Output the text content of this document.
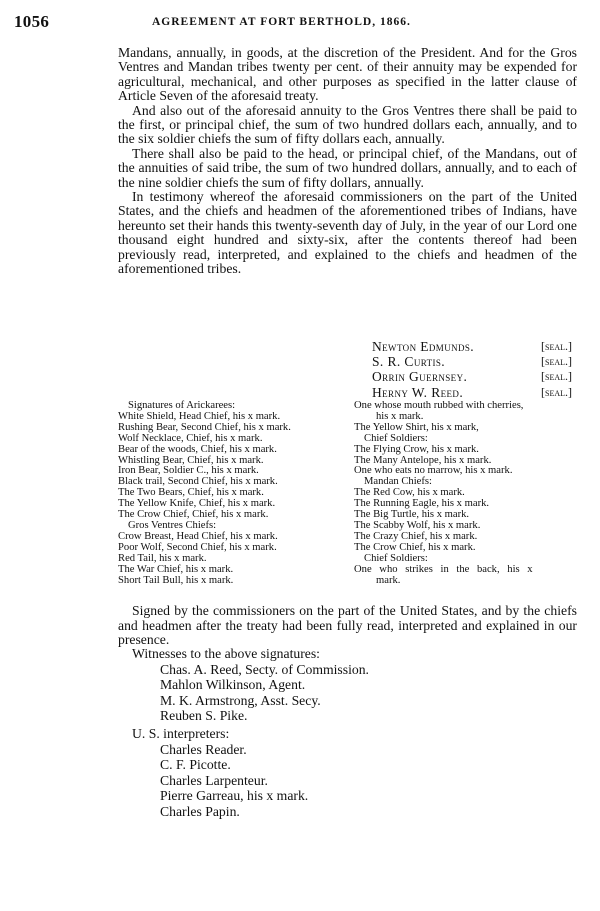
1056	AGREEMENT AT FORT BERTHOLD, 1866.

Mandans, annually, in goods, at the discretion of the President. And for the Gros Ventres and Mandan tribes twenty per cent. of their annuity may be expended for agricultural, mechanical, and other purposes as specified in the latter clause of Article Seven of the aforesaid treaty.

And also out of the aforesaid annuity to the Gros Ventres there shall be paid to the first, or principal chief, the sum of two hundred dollars each, annually, and to the six soldier chiefs the sum of fifty dollars each, annually.

There shall also be paid to the head, or principal chief, of the Mandans, out of the annuities of said tribe, the sum of two hundred dollars, annually, and to each of the nine soldier chiefs the sum of fifty dollars, annually.

In testimony whereof the aforesaid commissioners on the part of the United States, and the chiefs and headmen of the aforementioned tribes of Indians, have hereunto set their hands this twenty-seventh day of July, in the year of our Lord one thousand eight hundred and sixty-six, after the contents thereof had been previously read, interpreted, and explained to the chiefs and headmen of the aforementioned tribes.

Newton Edmunds.	[seal.]
S. R. Curtis.	[seal.]
Orrin Guernsey.	[seal.]
Herny W. Reed.	[seal.]
Signatures of Arickarees:
White Shield, Head Chief, his x mark.
Rushing Bear, Second Chief, his x mark.
Wolf Necklace, Chief, his x mark.
Bear of the woods, Chief, his x mark.
Whistling Bear, Chief, his x mark.
Iron Bear, Soldier C., his x mark.
Black trail, Second Chief, his x mark.
The Two Bears, Chief, his x mark.
The Yellow Knife, Chief, his x mark.
The Crow Chief, Chief, his x mark.
Gros Ventres Chiefs:
Crow Breast, Head Chief, his x mark.
Poor Wolf, Second Chief, his x mark.
Red Tail, his x mark.
The War Chief, his x mark.
Short Tail Bull, his x mark.
One whose mouth rubbed with cherries,
his x mark.
The Yellow Shirt, his x mark,
Chief Soldiers:
The Flying Crow, his x mark.
The Many Antelope, his x mark.
One who eats no marrow, his x mark.
Mandan Chiefs:
The Red Cow, his x mark.
The Running Eagle, his x mark.
The Big Turtle, his x mark.
The Scabby Wolf, his x mark.
The Crazy Chief, his x mark.
The Crow Chief, his x mark.
Chief Soldiers:
One who strikes in the back, his x
mark.

Signed by the commissioners on the part of the United States, and by the chiefs and headmen after the treaty had been fully read, interpreted and explained in our presence.

Witnesses to the above signatures:
Chas. A. Reed, Secty. of Commission.
Mahlon Wilkinson, Agent.
M. K. Armstrong, Asst. Secy.
Reuben S. Pike.
U. S. interpreters:
Charles Reader.
C. F. Picotte.
Charles Larpenteur.
Pierre Garreau, his x mark.
Charles Papin.
